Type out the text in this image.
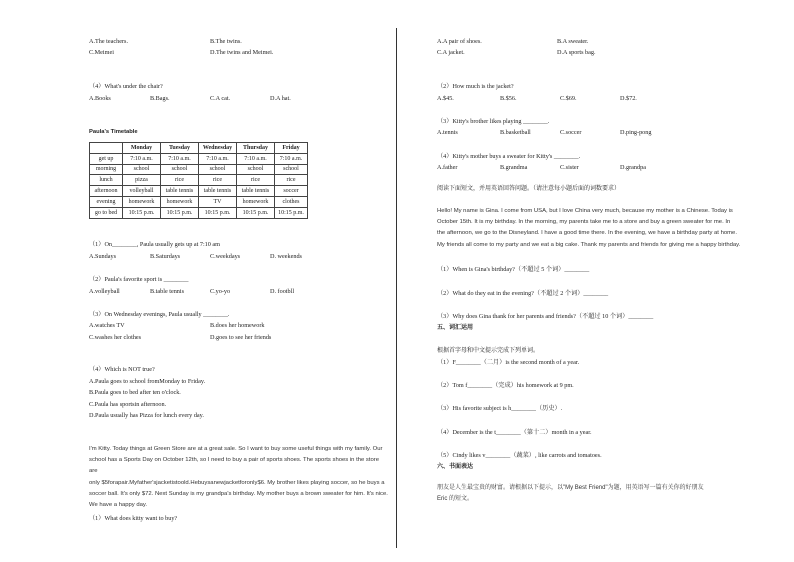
A.The teachers.	B.The twins.
C.Meimei	D.The twins and Meimei.
（4）What's under the chair?
A.Books	B.Bags.	C.A cat.	D.A hat.
Paula's Timetable
	Monday	Tuesday	Wednesday	Thursday	Friday
get up	7:10 a.m.	7:10 a.m.	7:10 a.m.	7:10 a.m.	7:10 a.m.
morning	school	school	school	school	school
lunch	pizza	rice	rice	rice	rice
afternoon	volleyball	table tennis	table tennis	table tennis	soccer
evening	homework	homework	TV	homework	clothes
go to bed	10:15 p.m.	10:15 p.m.	10:15 p.m.	10:15 p.m.	10:15 p.m.
（1）On________, Paula usually gets up at 7:10 am
A.Sundays	B.Saturdays	C.weekdays	D. weekends
（2）Paula's favorite sport is ________
A.volleyball	B.table tennis	C.yo-yo	D. footbll
（3）On Wednesday evenings, Paula usually ________.
A.watches TV	B.does her homework
C.washes her clothes	D.goes to see her friends
（4）Which is NOT true?
A.Paula goes to school fromMonday to Friday.
B.Paula goes to bed after ten o'clock.
C.Paula has sportsin afternoon.
D.Paula usually has Pizza for lunch every day.
I'm Kitty. Today things at Green Store are at a great sale. So I want to buy some useful things with my family. Our
school has a Sports Day on October 12th, so I need to buy a pair of sports shoes. The sports shoes in the store are
only $5forapair.Myfather'sjacketistoold.Hebuysanewjacketforonly$6. My brother likes playing soccer, so he buys a
soccer ball. It's only $72. Next Sunday is my grandpa's birthday. My mother buys a brown sweater for him. It's nice.
We have a happy day.
（1）What does kitty want to buy?
A.A pair of shoes.	B.A sweater.
C.A jacket.	D.A sports bag.
（2）How much is the jacket?
A.$45.	B.$56.	C.$69.	D.$72.
（3）Kitty's brother likes playing ________.
A.tennis	B.basketball	C.soccer	D.ping-pong
（4）Kitty's mother buys a sweater for Kitty's ________.
A.father	B.grandma	C.sister	D.grandpa
阅读下面短文，并用英语回答问题。（请注意每小题后面的词数要求）
Hello! My name is Gina. I come from USA, but I love China very much, because my mother is a Chinese. Today is
October 15th. It is my birthday. In the morning, my parents take me to a store and buy a green sweater for me. In
the afternoon, we go to the Disneyland. I have a good time there. In the evening, we have a birthday party at home.
My friends all come to my party and we eat a big cake. Thank my parents and friends for giving me a happy birthday.
（1）When is Gina's birthday?（不超过 5 个词）________
（2）What do they eat in the evening?（不超过 2 个词）________
（3）Why does Gina thank for her parents and friends?（不超过 10 个词）________
五、词汇运用
根据首字母和中文提示完成下列单词。
（1）F________（二月）is the second month of a year.
（2）Tom f________（完成）his homework at 9 pm.
（3）His favorite subject is h________（历史）.
（4）December is the t________（第十二）month in a year.
（5）Cindy likes v________（蔬菜）, like carrots and tomatoes.
六、书面表达
朋友是人生最宝贵的财富。请根据以下提示，以"My Best Friend"为题，用英语写一篇有关你的好朋友
Eric 的短文。
